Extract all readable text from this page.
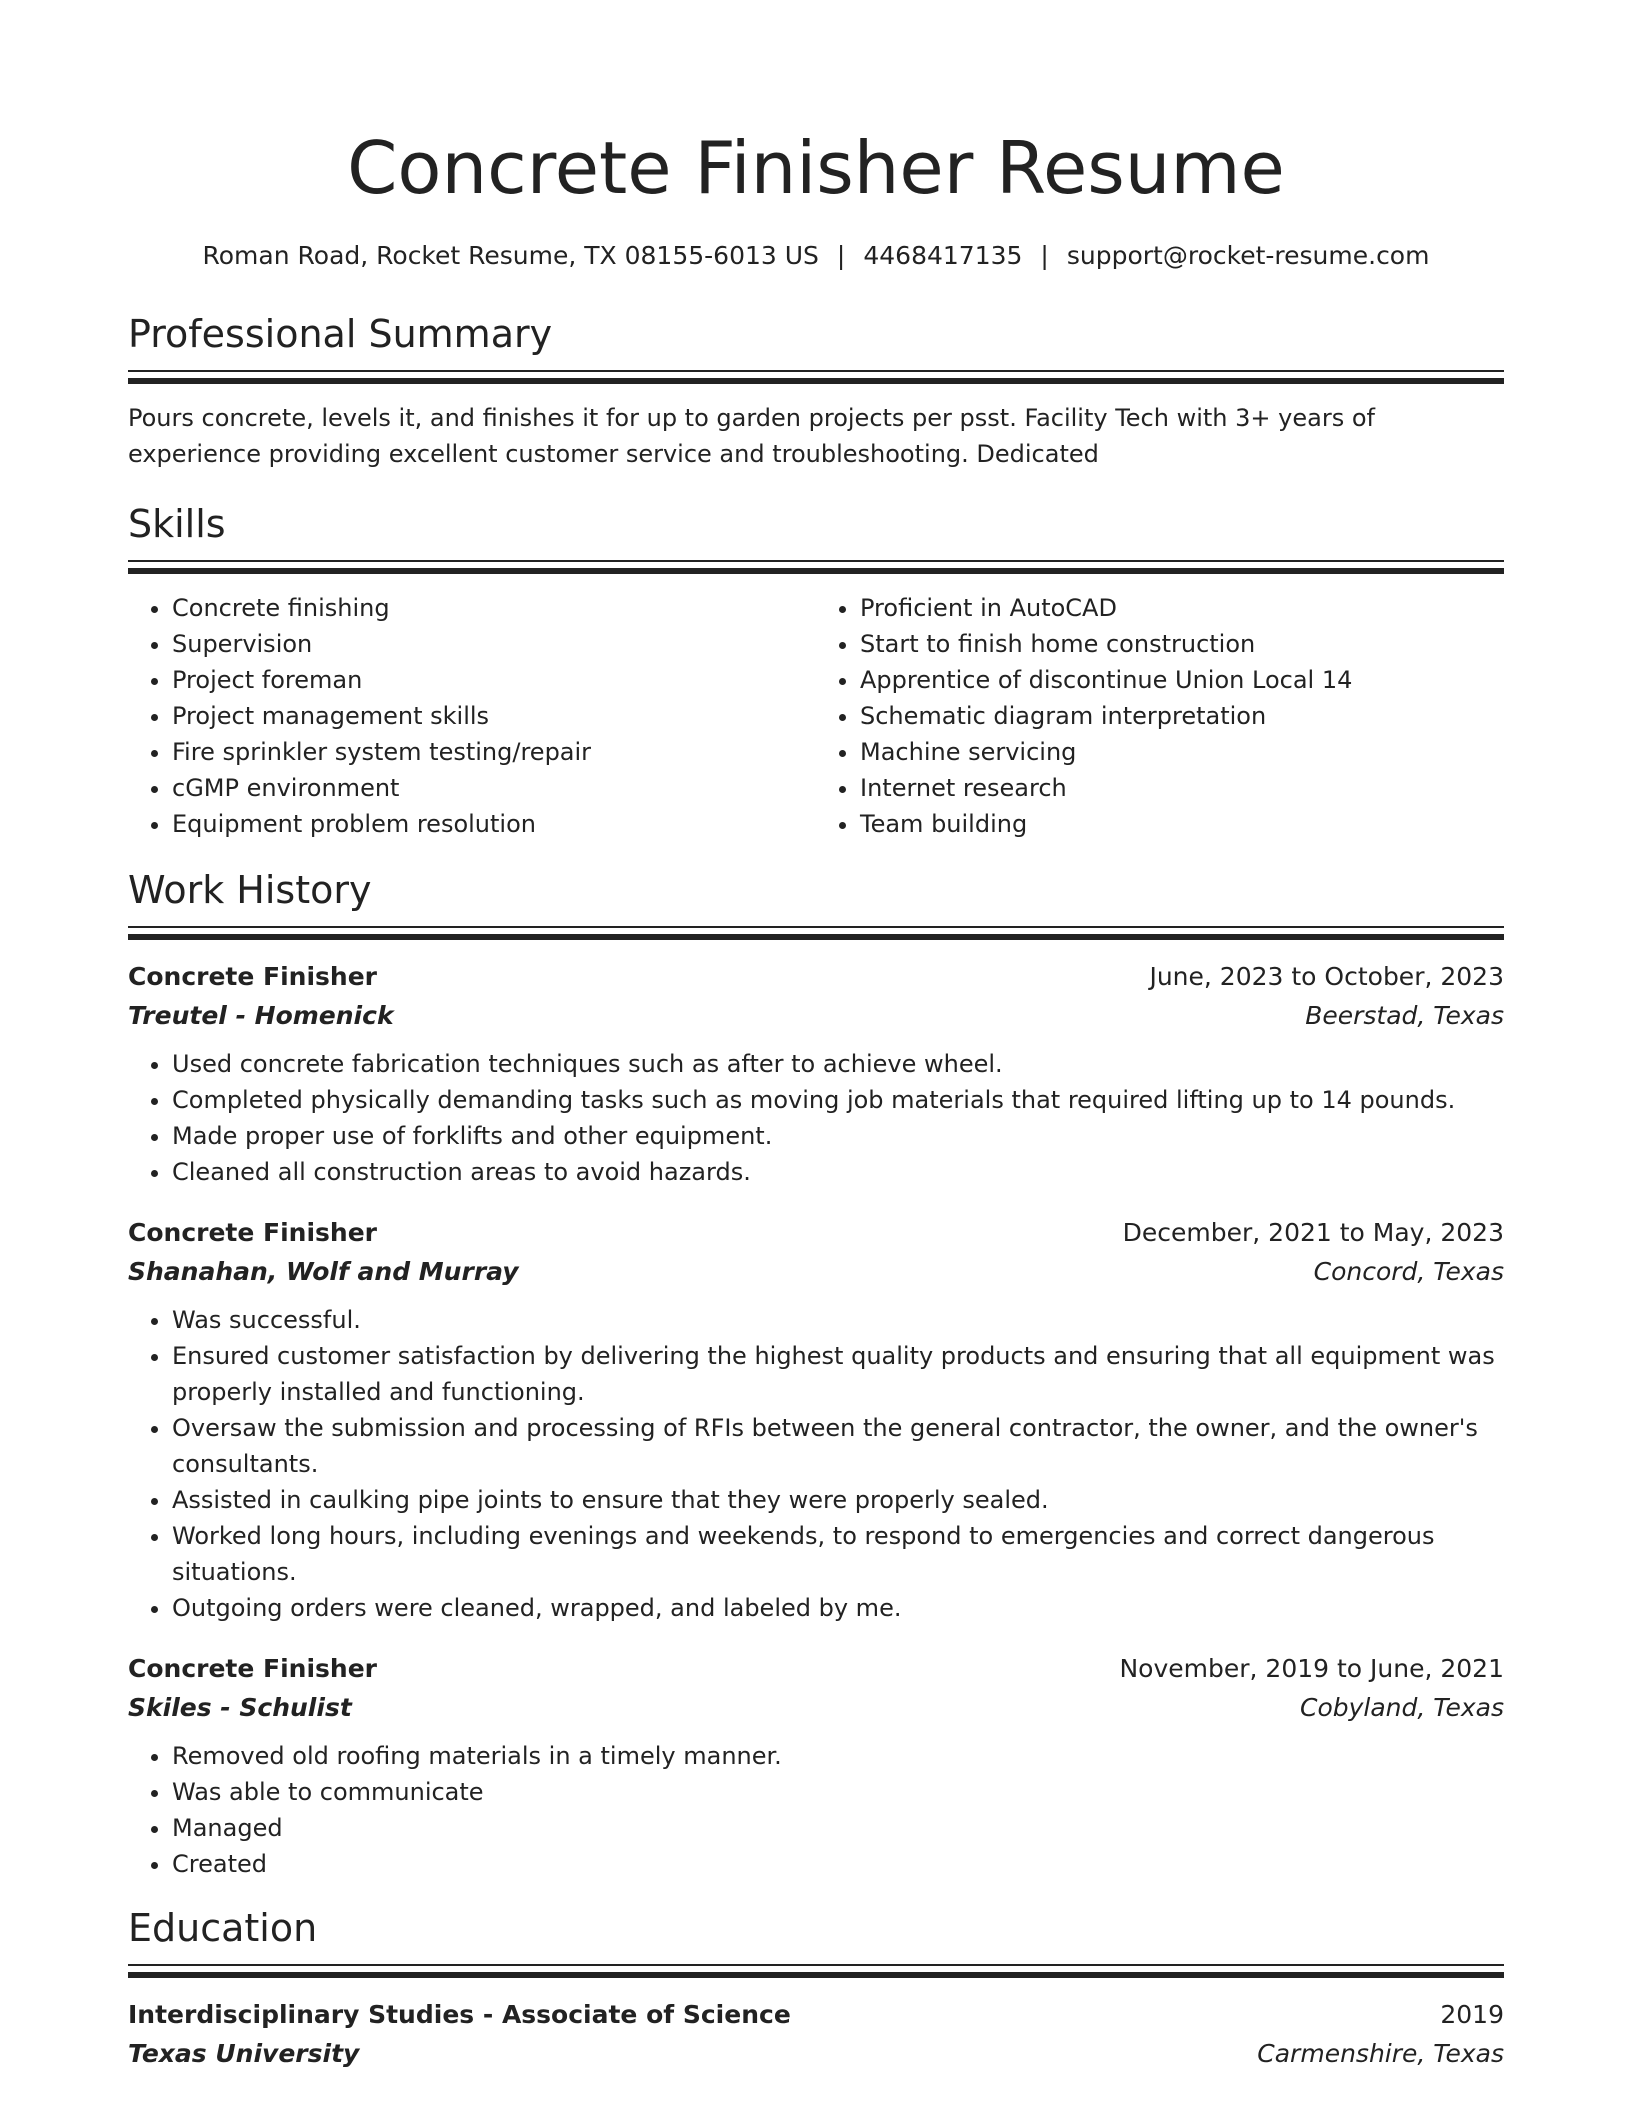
Concrete Finisher Resume
Roman Road, Rocket Resume, TX 08155-6013 US | 4468417135 | support@rocket-resume.com
Professional Summary
Pours concrete, levels it, and finishes it for up to garden projects per psst. Facility Tech with 3+ years of experience providing excellent customer service and troubleshooting. Dedicated
Skills
• Concrete finishing
• Supervision
• Project foreman
• Project management skills
• Fire sprinkler system testing/repair
• cGMP environment
• Equipment problem resolution
• Proficient in AutoCAD
• Start to finish home construction
• Apprentice of discontinue Union Local 14
• Schematic diagram interpretation
• Machine servicing
• Internet research
• Team building
Work History
Concrete Finisher	June, 2023 to October, 2023
Treutel - Homenick	Beerstad, Texas
• Used concrete fabrication techniques such as after to achieve wheel.
• Completed physically demanding tasks such as moving job materials that required lifting up to 14 pounds.
• Made proper use of forklifts and other equipment.
• Cleaned all construction areas to avoid hazards.
Concrete Finisher	December, 2021 to May, 2023
Shanahan, Wolf and Murray	Concord, Texas
• Was successful.
• Ensured customer satisfaction by delivering the highest quality products and ensuring that all equipment was properly installed and functioning.
• Oversaw the submission and processing of RFIs between the general contractor, the owner, and the owner's consultants.
• Assisted in caulking pipe joints to ensure that they were properly sealed.
• Worked long hours, including evenings and weekends, to respond to emergencies and correct dangerous situations.
• Outgoing orders were cleaned, wrapped, and labeled by me.
Concrete Finisher	November, 2019 to June, 2021
Skiles - Schulist	Cobyland, Texas
• Removed old roofing materials in a timely manner.
• Was able to communicate
• Managed
• Created
Education
Interdisciplinary Studies - Associate of Science	2019
Texas University	Carmenshire, Texas
